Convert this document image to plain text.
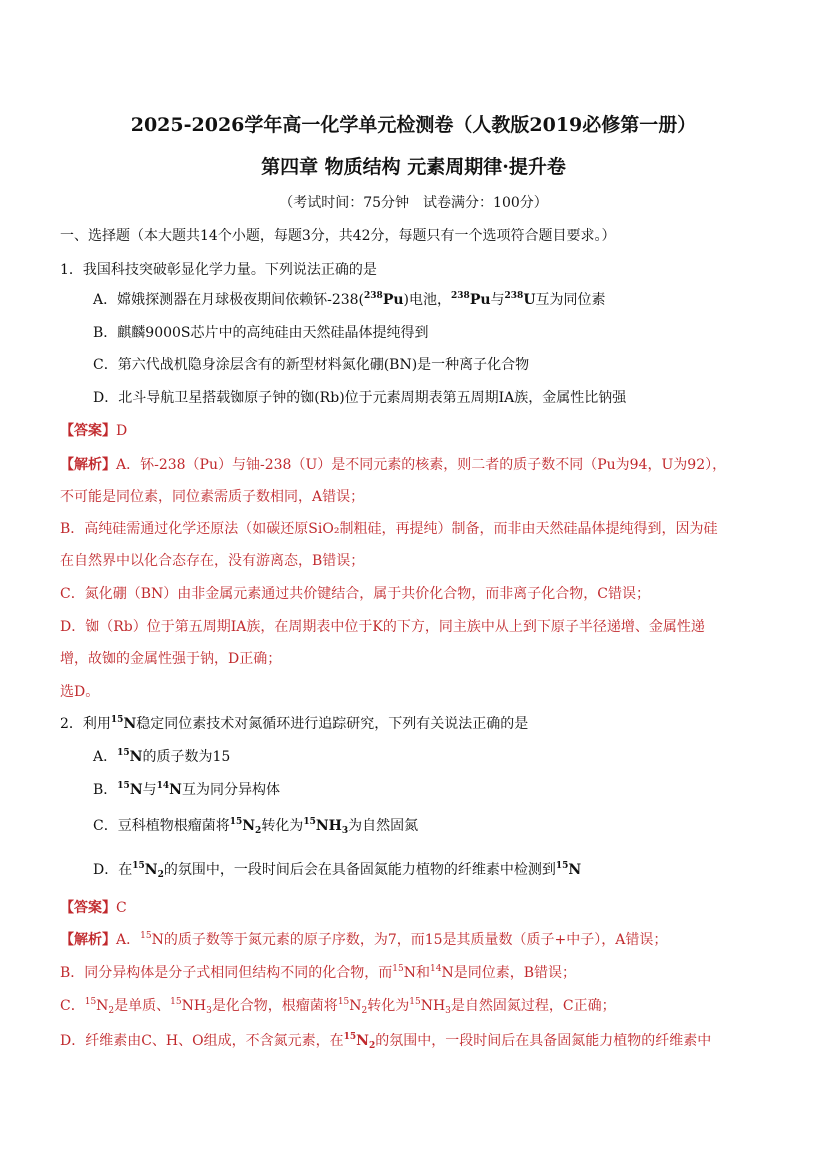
2025-2026学年高一化学单元检测卷（人教版2019必修第一册）
第四章 物质结构 元素周期律·提升卷
（考试时间：75分钟　试卷满分：100分）
一、选择题（本大题共14个小题，每题3分，共42分，每题只有一个选项符合题目要求。）
1．我国科技突破彰显化学力量。下列说法正确的是
A．嫦娥探测器在月球极夜期间依赖钚-238($^{238}$Pu)电池，$^{238}$Pu与$^{238}$U互为同位素
B．麒麟9000S芯片中的高纯硅由天然硅晶体提纯得到
C．第六代战机隐身涂层含有的新型材料氮化硼(BN)是一种离子化合物
D．北斗导航卫星搭载铷原子钟的铷(Rb)位于元素周期表第五周期IA族，金属性比钠强
【答案】D
【解析】A．钚-238（Pu）与铀-238（U）是不同元素的核素，则二者的质子数不同（Pu为94，U为92），
不可能是同位素，同位素需质子数相同，A错误；
B．高纯硅需通过化学还原法（如碳还原SiO₂制粗硅，再提纯）制备，而非由天然硅晶体提纯得到，因为硅
在自然界中以化合态存在，没有游离态，B错误；
C．氮化硼（BN）由非金属元素通过共价键结合，属于共价化合物，而非离子化合物，C错误；
D．铷（Rb）位于第五周期IA族，在周期表中位于K的下方，同主族中从上到下原子半径递增、金属性递
增，故铷的金属性强于钠，D正确；
选D。
2．利用$^{15}$N稳定同位素技术对氮循环进行追踪研究，下列有关说法正确的是
A．$^{15}$N的质子数为15
B．$^{15}$N与$^{14}$N互为同分异构体
C．豆科植物根瘤菌将$^{15}N_2$转化为$^{15}NH_3$为自然固氮
D．在$^{15}N_2$的氛围中，一段时间后会在具备固氮能力植物的纤维素中检测到$^{15}$N
【答案】C
【解析】A．$^{15}$N的质子数等于氮元素的原子序数，为7，而15是其质量数（质子+中子），A错误；
B．同分异构体是分子式相同但结构不同的化合物，而$^{15}$N和$^{14}$N是同位素，B错误；
C．$^{15}N_2$是单质、$^{15}NH_3$是化合物，根瘤菌将$^{15}N_2$转化为$^{15}NH_3$是自然固氮过程，C正确；
D．纤维素由C、H、O组成，不含氮元素，在$^{15}N_2$的氛围中，一段时间后在具备固氮能力植物的纤维素中
